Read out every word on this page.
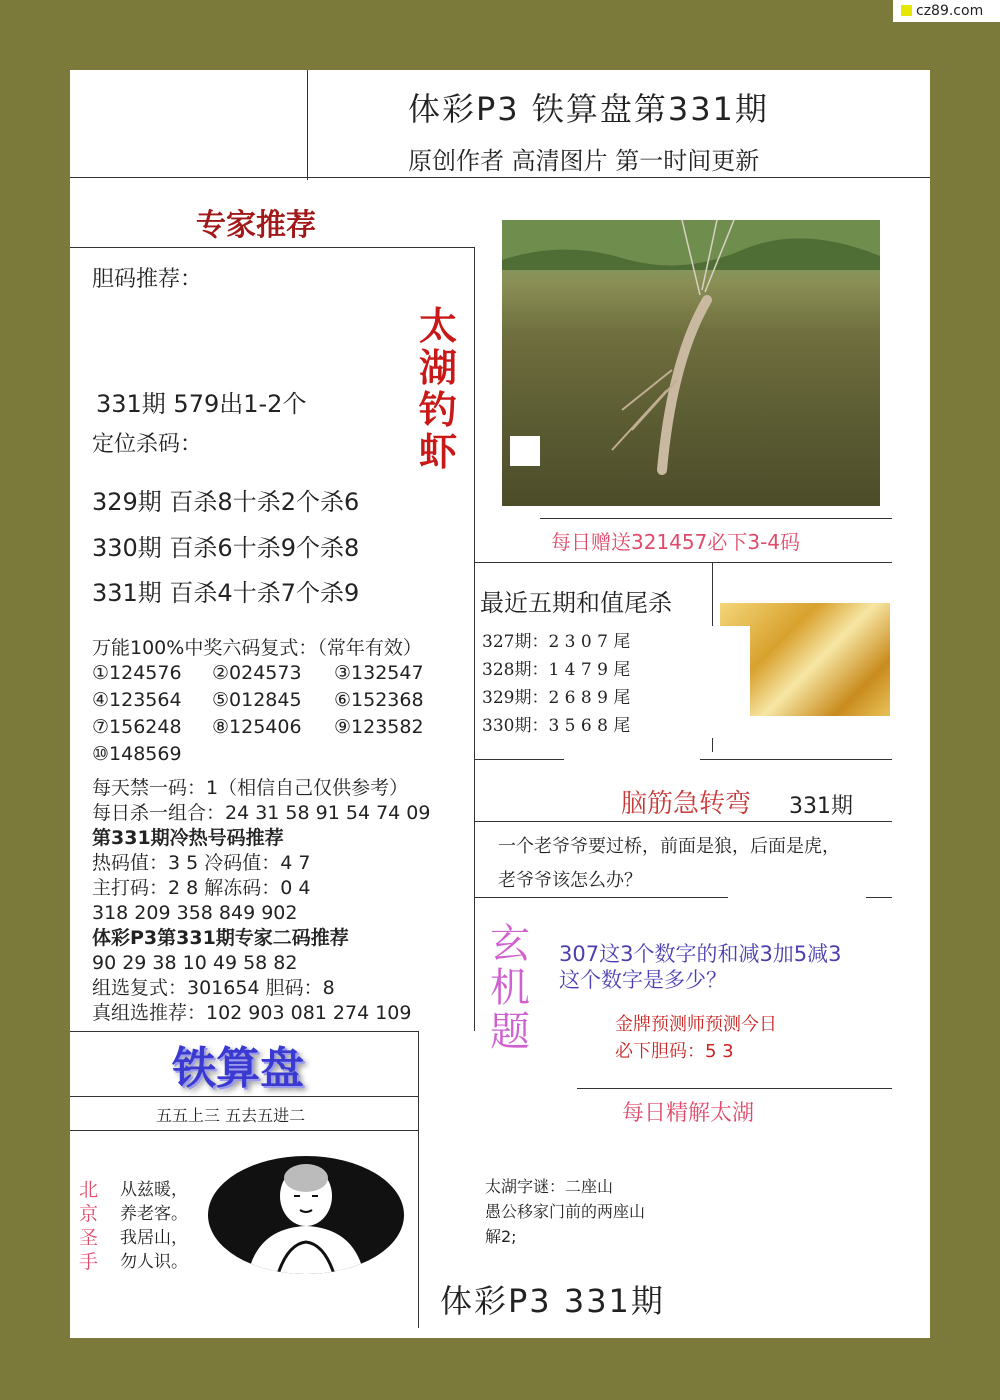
cz89.com
体彩P3 铁算盘第331期
原创作者 高清图片 第一时间更新
专家推荐
胆码推荐：
331期 579出1-2个
定位杀码：
329期 百杀8十杀2个杀6
330期 百杀6十杀9个杀8
331期 百杀4十杀7个杀9
太
湖
钓
虾
万能100%中奖六码复式：（常年有效）
①124576	②024573	③132547
④123564	⑤012845	⑥152368
⑦156248	⑧125406	⑨123582
⑩148569
每天禁一码：1（相信自己仅供参考）
每日杀一组合：24 31 58 91 54 74 09
第331期冷热号码推荐
热码值：3 5 冷码值：4 7
主打码：2 8 解冻码：0 4
318 209 358 849 902
体彩P3第331期专家二码推荐
90 29 38 10 49 58 82
组选复式：301654 胆码：8
真组选推荐：102 903 081 274 109
每日赠送321457必下3-4码
最近五期和值尾杀
327期：2 3 0 7 尾
328期：1 4 7 9 尾
329期：2 6 8 9 尾
330期：3 5 6 8 尾
脑筋急转弯 331期
一个老爷爷要过桥，前面是狼，后面是虎，
老爷爷该怎么办？
玄
机
题
307这3个数字的和减3加5减3
这个数字是多少？
金牌预测师预测今日
必下胆码：5 3
每日精解太湖
太湖字谜：二座山
愚公移家门前的两座山
解2;
铁算盘
五五上三 五去五进二
北
京
圣
手
从兹暖，
养老客。
我居山，
勿人识。
体彩P3 331期
